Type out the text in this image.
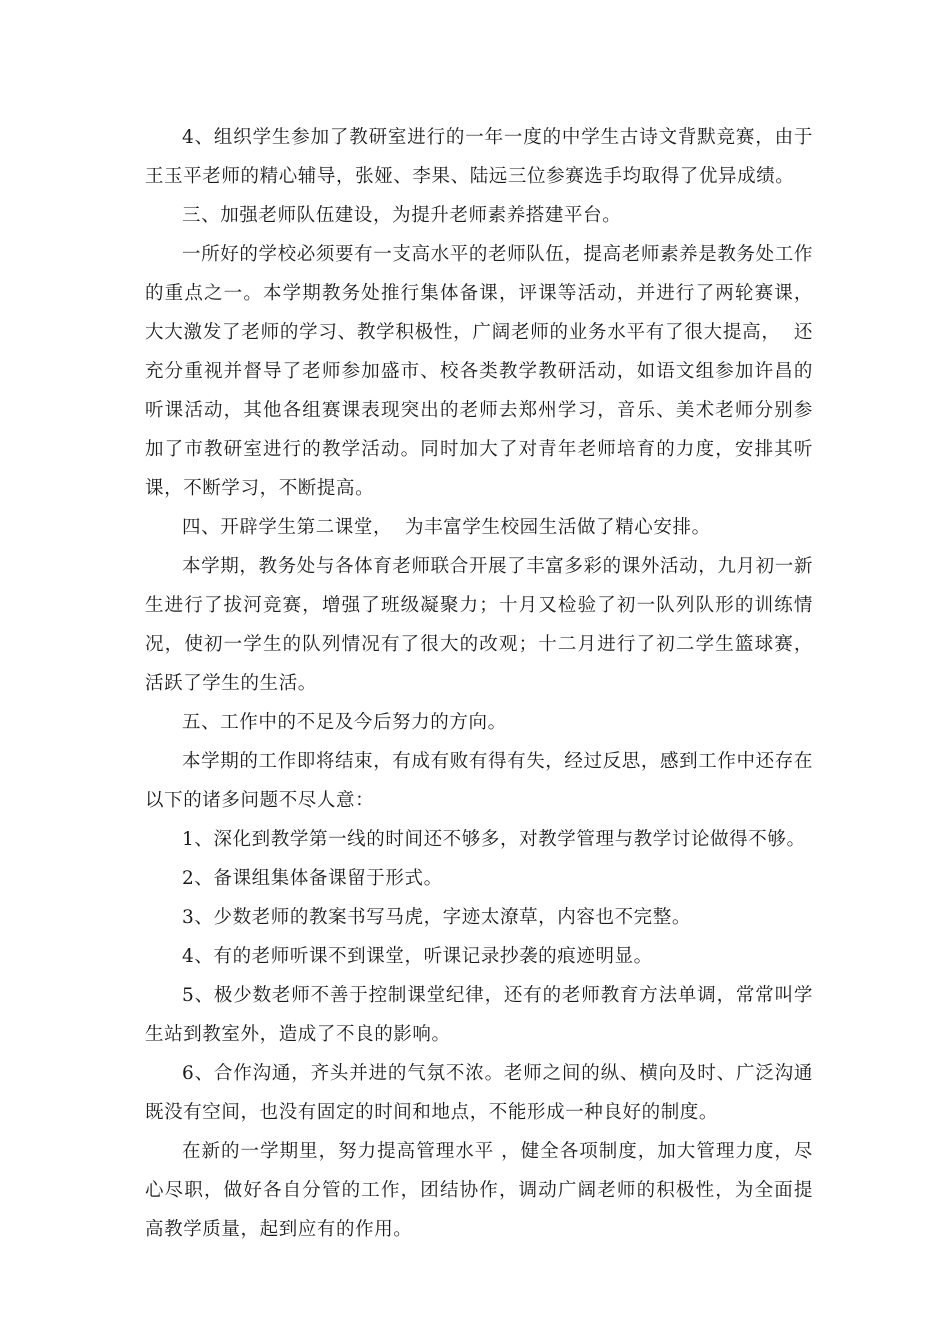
4、组织学生参加了教研室进行的一年一度的中学生古诗文背默竞赛，由于王玉平老师的精心辅导，张娅、李果、陆远三位参赛选手均取得了优异成绩。

三、加强老师队伍建设，为提升老师素养搭建平台。

一所好的学校必须要有一支高水平的老师队伍，提高老师素养是教务处工作的重点之一。本学期教务处推行集体备课，评课等活动，并进行了两轮赛课，大大激发了老师的学习、教学积极性，广阔老师的业务水平有了很大提高，  还充分重视并督导了老师参加盛市、校各类教学教研活动，如语文组参加许昌的听课活动，其他各组赛课表现突出的老师去郑州学习，音乐、美术老师分别参加了市教研室进行的教学活动。同时加大了对青年老师培育的力度，安排其听课，不断学习，不断提高。

四、开辟学生第二课堂，  为丰富学生校园生活做了精心安排。

本学期，教务处与各体育老师联合开展了丰富多彩的课外活动，九月初一新生进行了拔河竞赛，增强了班级凝聚力；十月又检验了初一队列队形的训练情况，使初一学生的队列情况有了很大的改观；十二月进行了初二学生篮球赛，活跃了学生的生活。

五、工作中的不足及今后努力的方向。

本学期的工作即将结束，有成有败有得有失，经过反思，感到工作中还存在以下的诸多问题不尽人意：

1、深化到教学第一线的时间还不够多，对教学管理与教学讨论做得不够。

2、备课组集体备课留于形式。

3、少数老师的教案书写马虎，字迹太潦草，内容也不完整。

4、有的老师听课不到课堂，听课记录抄袭的痕迹明显。

5、极少数老师不善于控制课堂纪律，还有的老师教育方法单调，常常叫学生站到教室外，造成了不良的影响。

6、合作沟通，齐头并进的气氛不浓。老师之间的纵、横向及时、广泛沟通既没有空间，也没有固定的时间和地点，不能形成一种良好的制度。

在新的一学期里，努力提高管理水平 ，健全各项制度，加大管理力度，尽心尽职，做好各自分管的工作，团结协作，调动广阔老师的积极性，为全面提高教学质量，起到应有的作用。
